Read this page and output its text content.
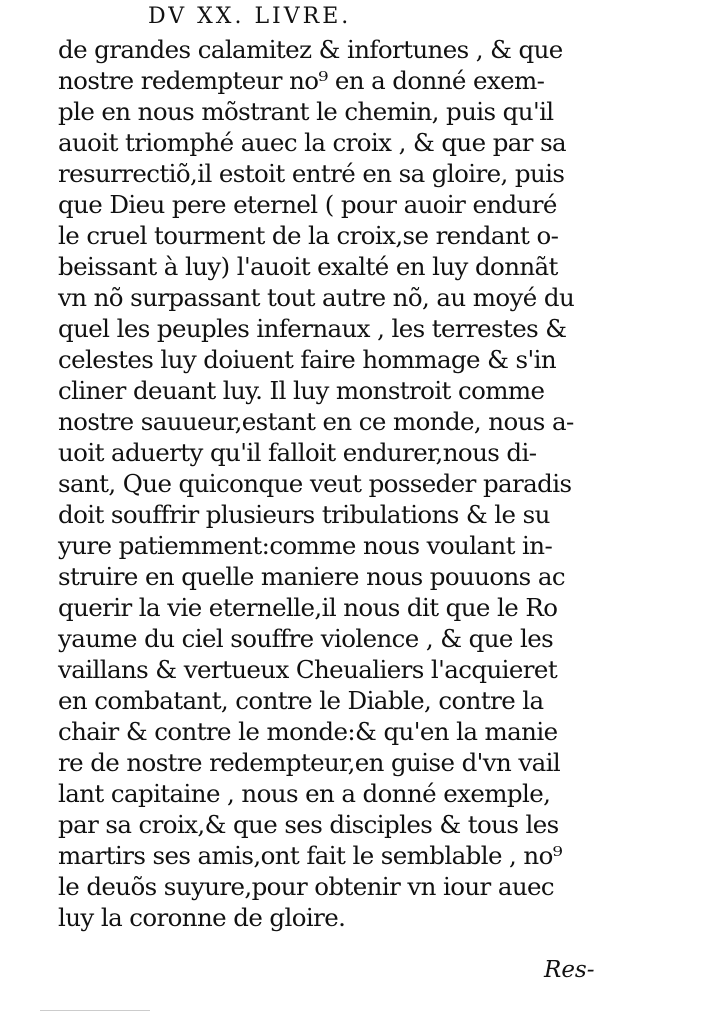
DV XX. LIVRE.
de grandes calamitez & infortunes , & que
nostre redempteur no⁹ en a donné exem-
ple en nous mõstrant le chemin, puis qu'il
auoit triomphé auec la croix , & que par sa
resurrectiõ,il estoit entré en sa gloire, puis
que Dieu pere eternel ( pour auoir enduré
le cruel tourment de la croix,se rendant o-
beissant à luy) l'auoit exalté en luy donnãt
vn nõ surpassant tout autre nõ, au moyé du
quel les peuples infernaux , les terrestes &
celestes luy doiuent faire hommage & s'in
cliner deuant luy. Il luy monstroit comme
nostre sauueur,estant en ce monde, nous a-
uoit aduerty qu'il falloit endurer,nous di-
sant, Que quiconque veut posseder paradis
doit souffrir plusieurs tribulations & le su
yure patiemment:comme nous voulant in-
struire en quelle maniere nous pouuons ac
querir la vie eternelle,il nous dit que le Ro
yaume du ciel souffre violence , & que les
vaillans & vertueux Cheualiers l'acquieret
en combatant, contre le Diable, contre la
chair & contre le monde:& qu'en la manie
re de nostre redempteur,en guise d'vn vail
lant capitaine , nous en a donné exemple,
par sa croix,& que ses disciples & tous les
martirs ses amis,ont fait le semblable , no⁹
le deuõs suyure,pour obtenir vn iour auec
luy la coronne de gloire.
Res-
